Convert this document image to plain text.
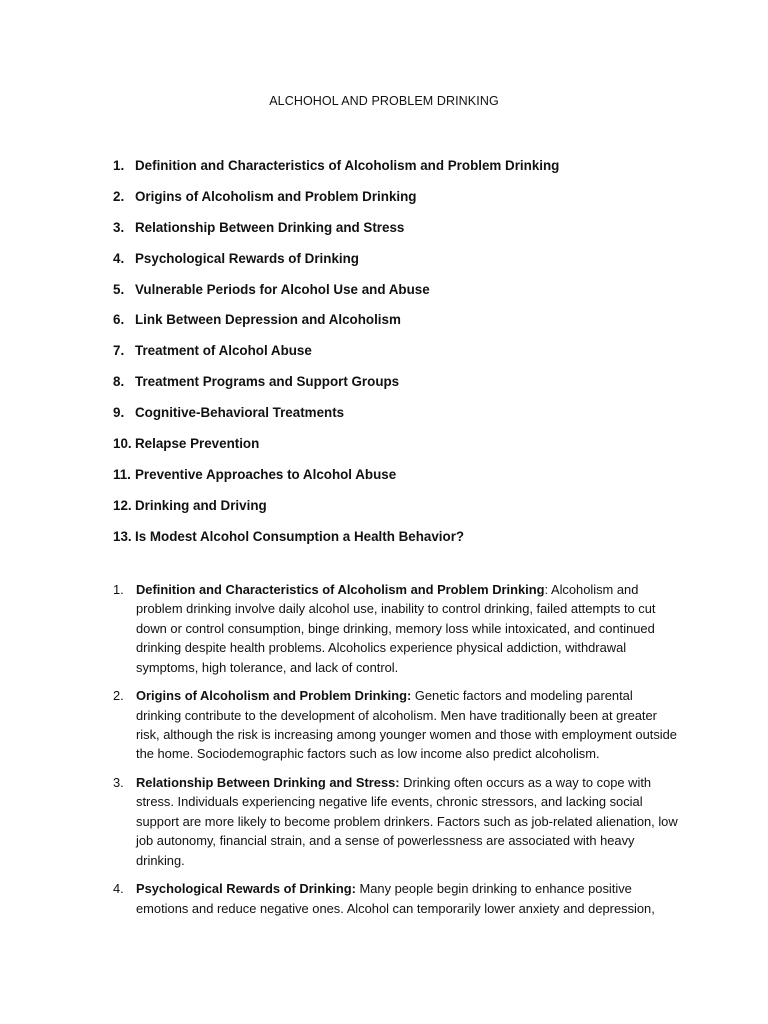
ALCHOHOL AND PROBLEM DRINKING
1. Definition and Characteristics of Alcoholism and Problem Drinking
2. Origins of Alcoholism and Problem Drinking
3. Relationship Between Drinking and Stress
4. Psychological Rewards of Drinking
5. Vulnerable Periods for Alcohol Use and Abuse
6. Link Between Depression and Alcoholism
7. Treatment of Alcohol Abuse
8. Treatment Programs and Support Groups
9. Cognitive-Behavioral Treatments
10. Relapse Prevention
11. Preventive Approaches to Alcohol Abuse
12. Drinking and Driving
13. Is Modest Alcohol Consumption a Health Behavior?
1. Definition and Characteristics of Alcoholism and Problem Drinking: Alcoholism and problem drinking involve daily alcohol use, inability to control drinking, failed attempts to cut down or control consumption, binge drinking, memory loss while intoxicated, and continued drinking despite health problems. Alcoholics experience physical addiction, withdrawal symptoms, high tolerance, and lack of control.
2. Origins of Alcoholism and Problem Drinking: Genetic factors and modeling parental drinking contribute to the development of alcoholism. Men have traditionally been at greater risk, although the risk is increasing among younger women and those with employment outside the home. Sociodemographic factors such as low income also predict alcoholism.
3. Relationship Between Drinking and Stress: Drinking often occurs as a way to cope with stress. Individuals experiencing negative life events, chronic stressors, and lacking social support are more likely to become problem drinkers. Factors such as job-related alienation, low job autonomy, financial strain, and a sense of powerlessness are associated with heavy drinking.
4. Psychological Rewards of Drinking: Many people begin drinking to enhance positive emotions and reduce negative ones. Alcohol can temporarily lower anxiety and depression,
